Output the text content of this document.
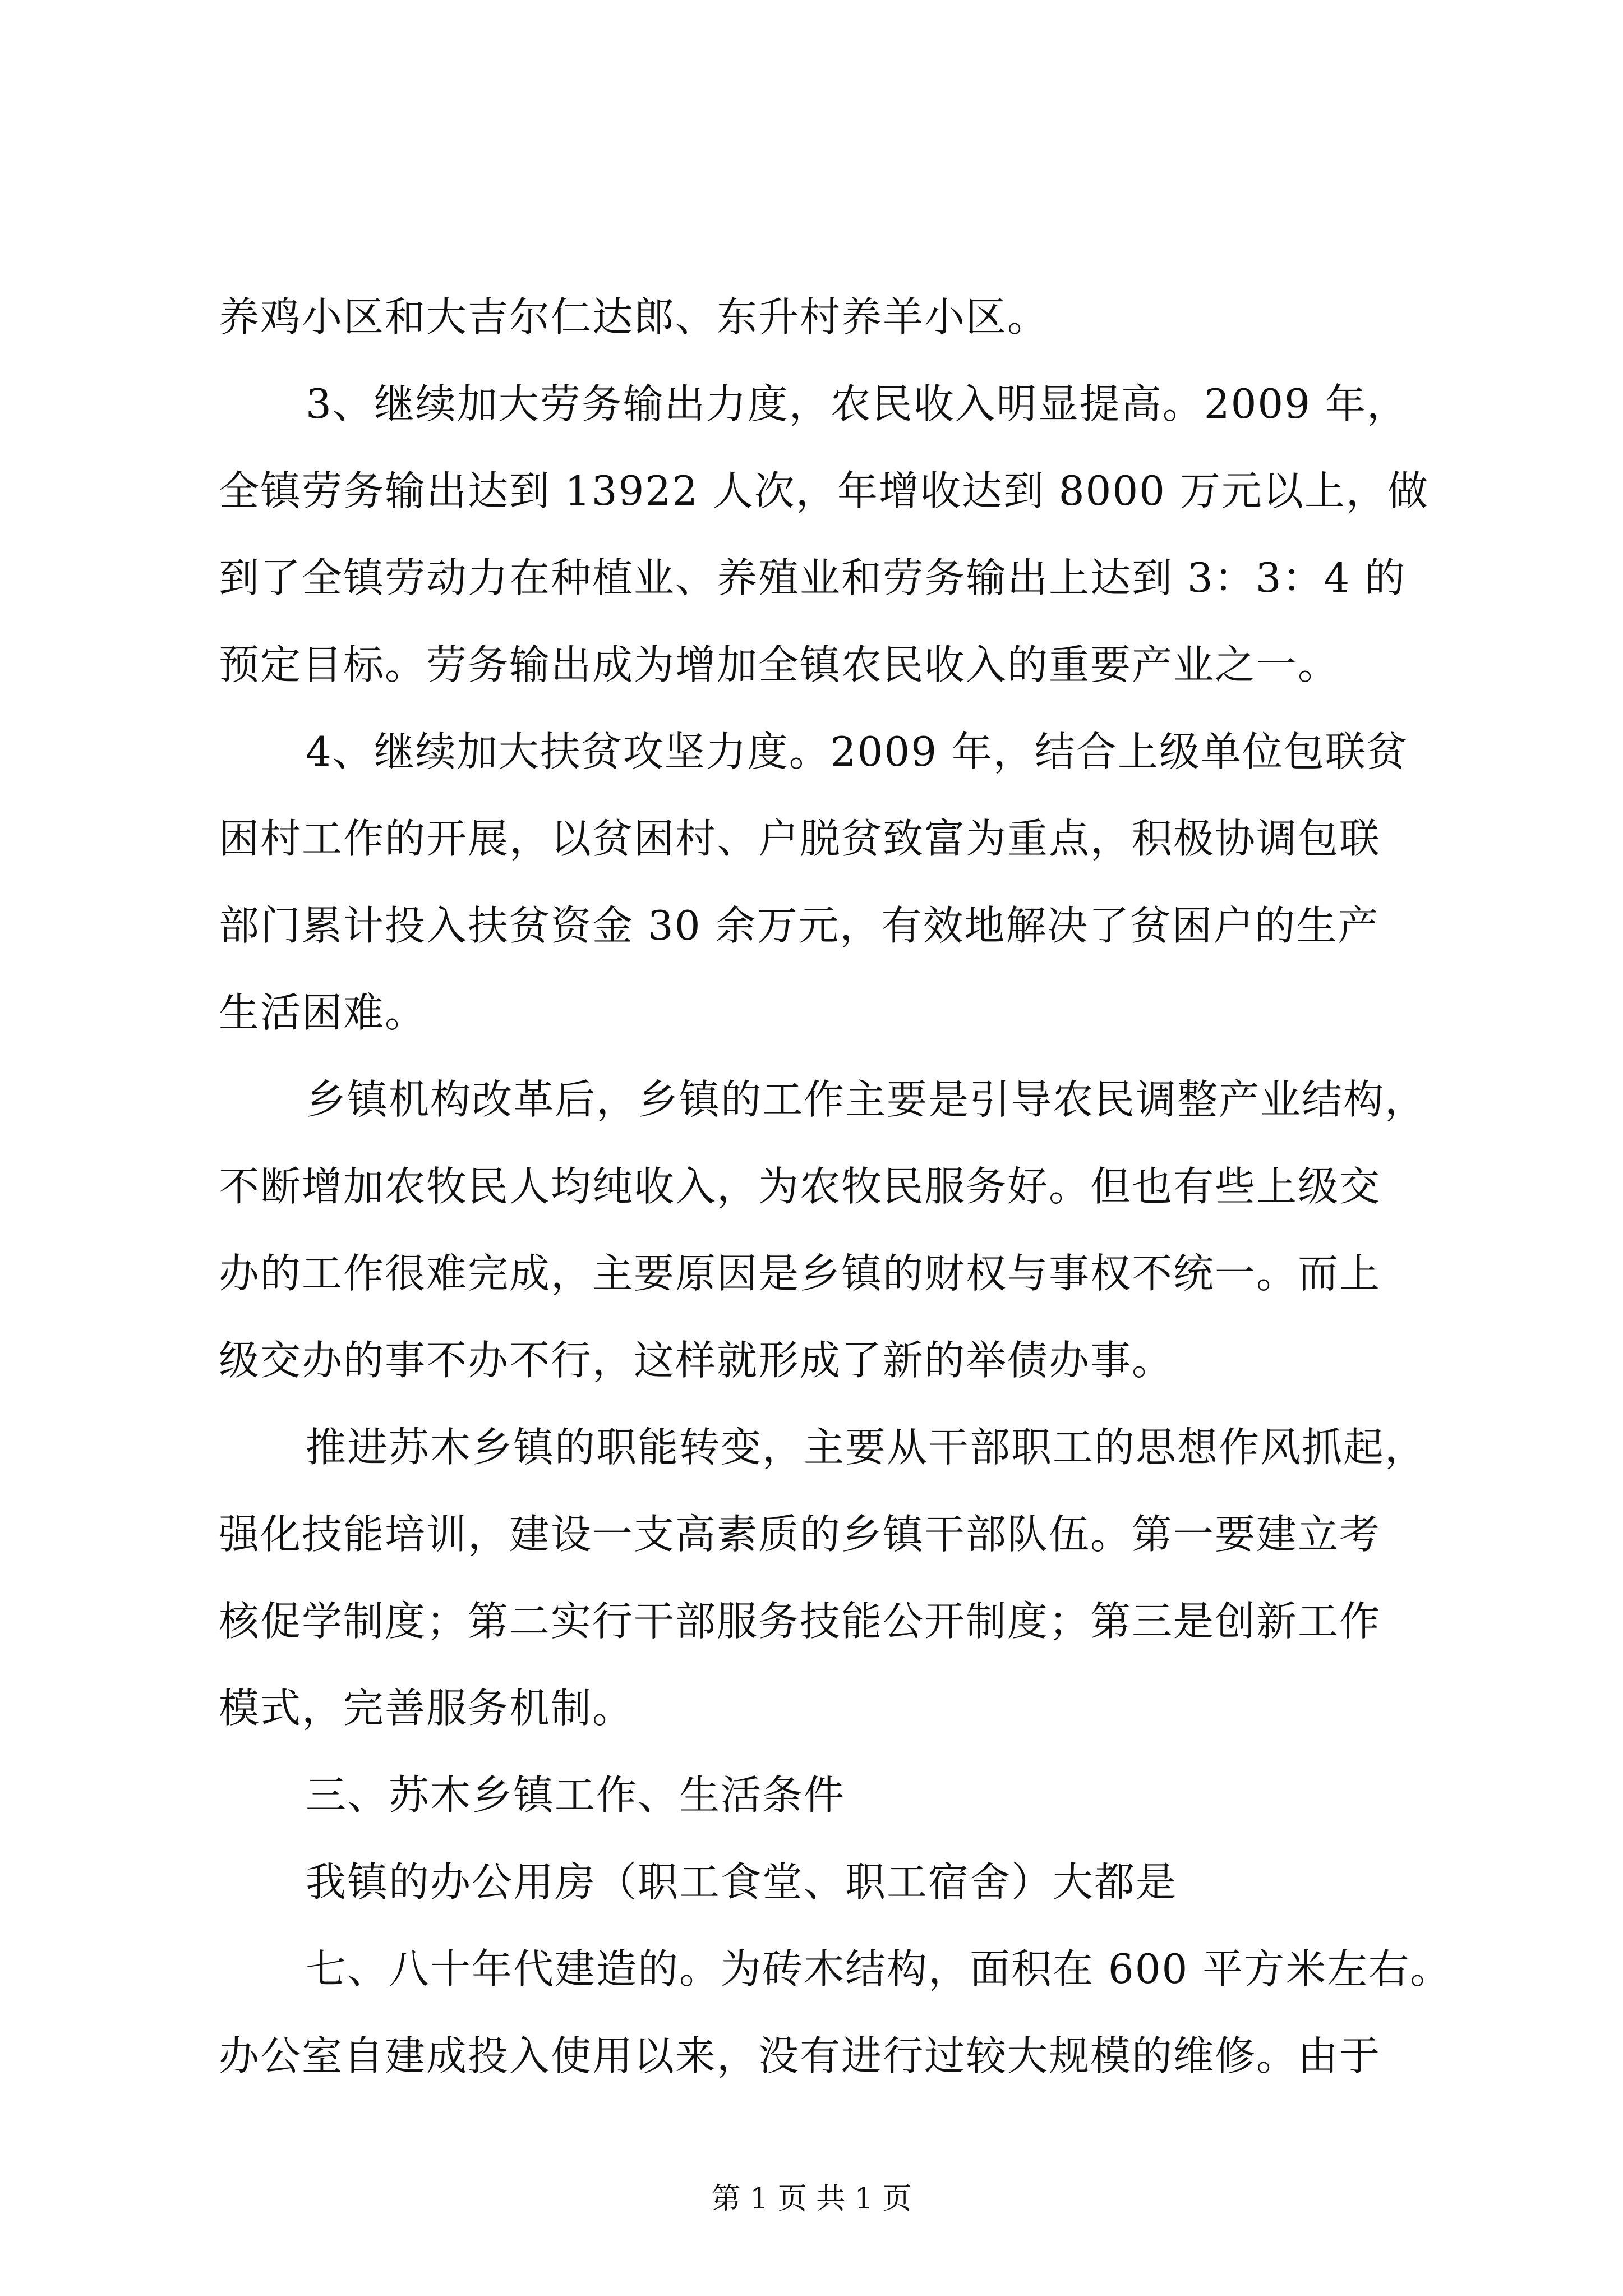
养鸡小区和大吉尔仁达郎、东升村养羊小区。
3、继续加大劳务输出力度，农民收入明显提高。2009 年，
全镇劳务输出达到 13922 人次，年增收达到 8000 万元以上，做
到了全镇劳动力在种植业、养殖业和劳务输出上达到 3：3：4 的
预定目标。劳务输出成为增加全镇农民收入的重要产业之一。
4、继续加大扶贫攻坚力度。2009 年，结合上级单位包联贫
困村工作的开展，以贫困村、户脱贫致富为重点，积极协调包联
部门累计投入扶贫资金 30 余万元，有效地解决了贫困户的生产
生活困难。
乡镇机构改革后，乡镇的工作主要是引导农民调整产业结构，
不断增加农牧民人均纯收入，为农牧民服务好。但也有些上级交
办的工作很难完成，主要原因是乡镇的财权与事权不统一。而上
级交办的事不办不行，这样就形成了新的举债办事。
推进苏木乡镇的职能转变，主要从干部职工的思想作风抓起，
强化技能培训，建设一支高素质的乡镇干部队伍。第一要建立考
核促学制度；第二实行干部服务技能公开制度；第三是创新工作
模式，完善服务机制。
三、苏木乡镇工作、生活条件
我镇的办公用房（职工食堂、职工宿舍）大都是
七、八十年代建造的。为砖木结构，面积在 600 平方米左右。
办公室自建成投入使用以来，没有进行过较大规模的维修。由于
第 1 页 共 1 页
